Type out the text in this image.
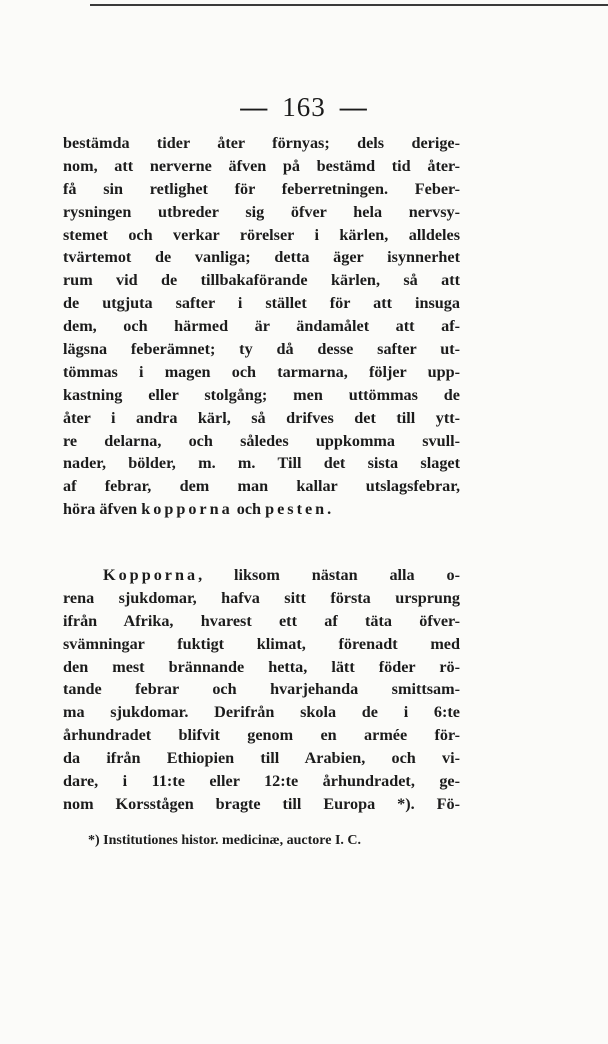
— 163 —
bestämda tider åter förnyas; dels derige-
nom, att nerverne äfven på bestämd tid åter-
få sin retlighet för feberretningen. Feber-
rysningen utbreder sig öfver hela nervsy-
stemet och verkar rörelser i kärlen, alldeles
tvärtemot de vanliga; detta äger isynnerhet
rum vid de tillbakaförande kärlen, så att
de utgjuta safter i stället för att insuga
dem, och härmed är ändamålet att af-
lägsna feberämnet; ty då desse safter ut-
tömmas i magen och tarmarna, följer upp-
kastning eller stolgång; men uttömmas de
åter i andra kärl, så drifves det till ytt-
re delarna, och således uppkomma svull-
nader, bölder, m. m. Till det sista slaget
af febrar, dem man kallar utslagsfebrar,
höra äfven kopporna och pesten.
Kopporna, liksom nästan alla o-
rena sjukdomar, hafva sitt första ursprung
ifrån Afrika, hvarest ett af täta öfver-
svämningar fuktigt klimat, förenadt med
den mest brännande hetta, lätt föder rö-
tande febrar och hvarjehanda smittsam-
ma sjukdomar. Derifrån skola de i 6:te
århundradet blifvit genom en armée för-
da ifrån Ethiopien till Arabien, och vi-
dare, i 11:te eller 12:te århundradet, ge-
nom Korsstågen bragte till Europa *). Fö-
*) Institutiones histor. medicinæ, auctore I. C.
